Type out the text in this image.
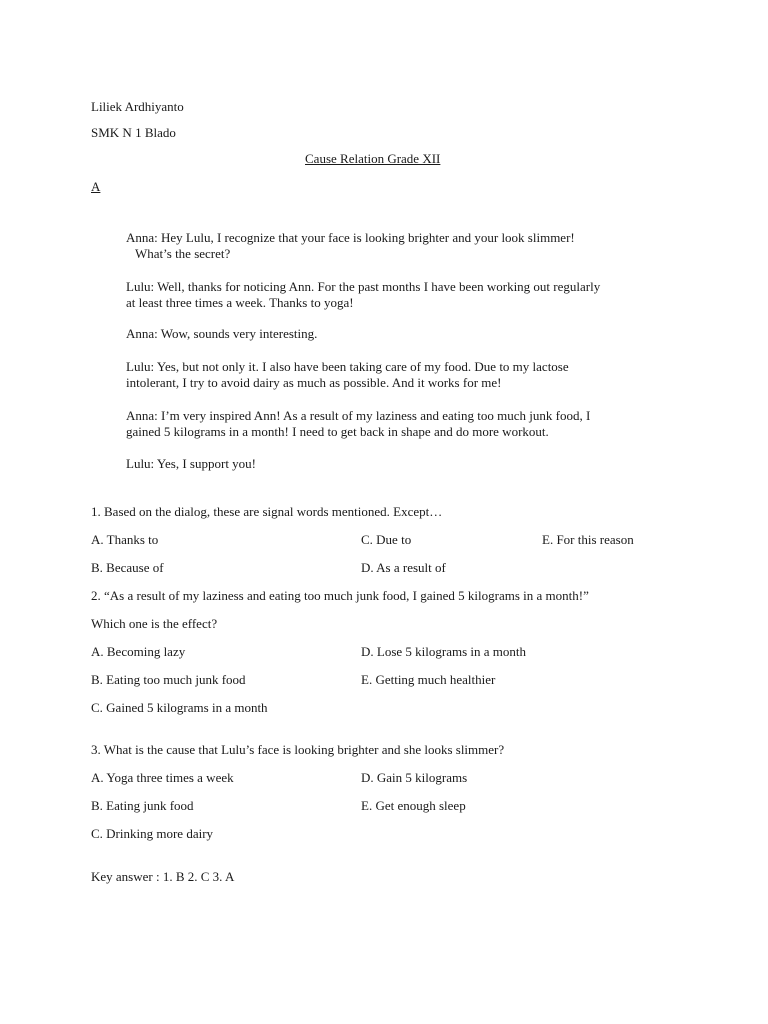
Liliek Ardhiyanto
SMK N 1 Blado
Cause Relation Grade XII
A
Anna: Hey Lulu, I recognize that your face is looking brighter and your look slimmer!
What’s the secret?
Lulu: Well, thanks for noticing Ann. For the past months I have been working out regularly
at least three times a week. Thanks to yoga!
Anna: Wow, sounds very interesting.
Lulu: Yes, but not only it. I also have been taking care of my food. Due to my lactose
intolerant, I try to avoid dairy as much as possible. And it works for me!
Anna: I’m very inspired Ann! As a result of my laziness and eating too much junk food, I
gained 5 kilograms in a month! I need to get back in shape and do more workout.
Lulu: Yes, I support you!
1. Based on the dialog, these are signal words mentioned. Except…
A. Thanks to	C. Due to	E. For this reason
B. Because of	D. As a result of
2. “As a result of my laziness and eating too much junk food, I gained 5 kilograms in a month!”
Which one is the effect?
A. Becoming lazy	D. Lose 5 kilograms in a month
B. Eating too much junk food	E. Getting much healthier
C. Gained 5 kilograms in a month
3. What is the cause that Lulu’s face is looking brighter and she looks slimmer?
A. Yoga three times a week	D. Gain 5 kilograms
B. Eating junk food	E. Get enough sleep
C. Drinking more dairy
Key answer : 1. B 2. C 3. A
